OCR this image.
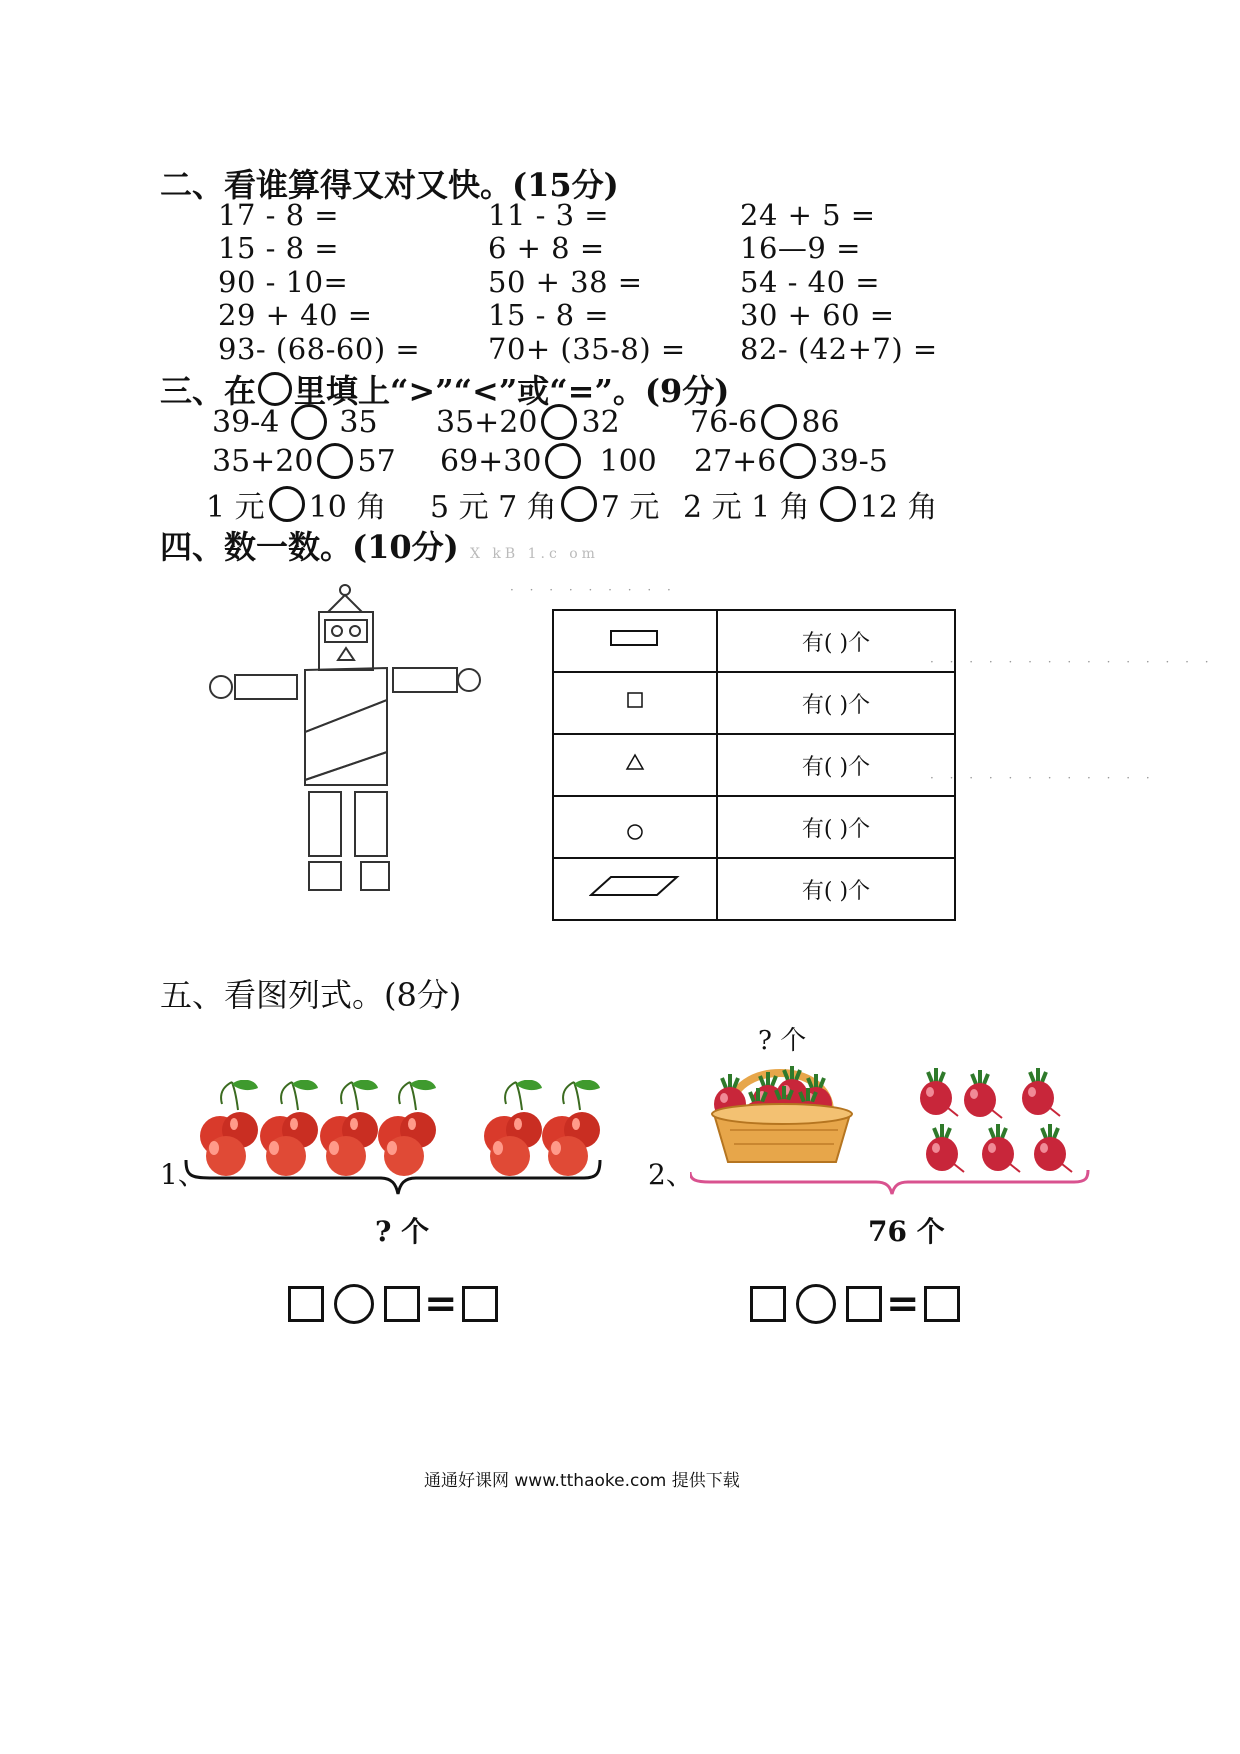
二、看谁算得又对又快。(15分)
17 - 8 =	11 - 3 =	24 + 5 =
15 - 8 =	6 + 8 =	16—9 =
90 - 10=	50 + 38 =	54 - 40 =
29 + 40 =	15 - 8 =	30 + 60 =
93- (68-60) = 70+ (35-8) = 82- (42+7) =
三、在 里填上“>”“<”或“=”。(9分)
39-4 35 35+20 32 76-6 86
35+20 57 69+30 100 27+6 39-5
1 元 10 角 5 元 7 角 7 元 2 元 1 角 12 角
四、数一数。(10分) X kB 1.c om
· · · · · · · · ·
	有( )个
	有( )个
	有( )个
	有( )个
	有( )个
· · · · · · · · · · · · · · ·
· · · · · · · · · · · ·
五、看图列式。(8分)
1、
? 个
=
2、
? 个
76 个
=
通通好课网 www.tthaoke.com 提供下载
